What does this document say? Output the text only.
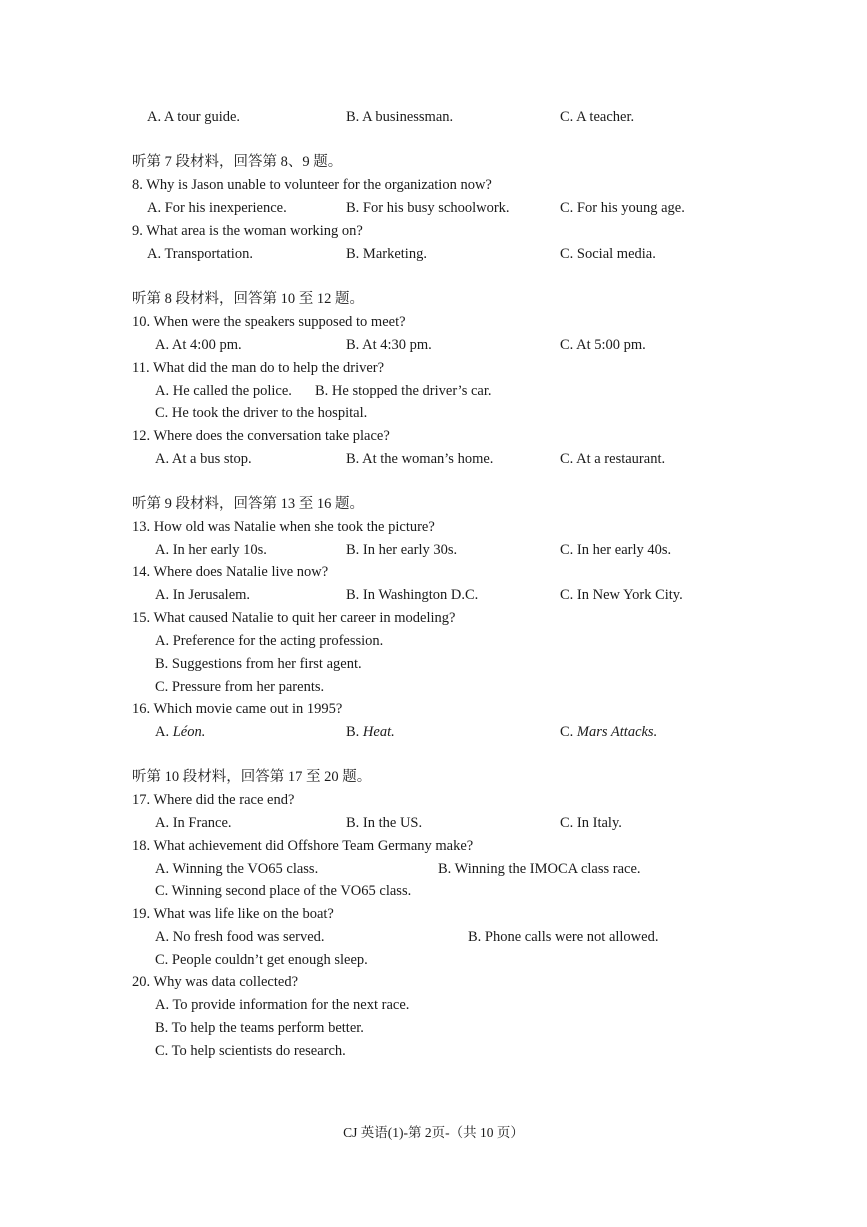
A. A tour guide.	B. A businessman.	C. A teacher.
听第 7 段材料，回答第 8、9 题。
8. Why is Jason unable to volunteer for the organization now?
A. For his inexperience.	B. For his busy schoolwork.	C. For his young age.
9. What area is the woman working on?
A. Transportation.	B. Marketing.	C. Social media.
听第 8 段材料，回答第 10 至 12 题。
10. When were the speakers supposed to meet?
A. At 4:00 pm.	B. At 4:30 pm.	C. At 5:00 pm.
11. What did the man do to help the driver?
A. He called the police. B. He stopped the driver’s car.
C. He took the driver to the hospital.
12. Where does the conversation take place?
A. At a bus stop.	B. At the woman’s home.	C. At a restaurant.
听第 9 段材料，回答第 13 至 16 题。
13. How old was Natalie when she took the picture?
A. In her early 10s.	B. In her early 30s.	C. In her early 40s.
14. Where does Natalie live now?
A. In Jerusalem.	B. In Washington D.C.	C. In New York City.
15. What caused Natalie to quit her career in modeling?
A. Preference for the acting profession.
B. Suggestions from her first agent.
C. Pressure from her parents.
16. Which movie came out in 1995?
A. Léon.	B. Heat.	C. Mars Attacks.
听第 10 段材料，回答第 17 至 20 题。
17. Where did the race end?
A. In France.	B. In the US.	C. In Italy.
18. What achievement did Offshore Team Germany make?
A. Winning the VO65 class.	B. Winning the IMOCA class race.
C. Winning second place of the VO65 class.
19. What was life like on the boat?
A. No fresh food was served.	B. Phone calls were not allowed.
C. People couldn’t get enough sleep.
20. Why was data collected?
A. To provide information for the next race.
B. To help the teams perform better.
C. To help scientists do research.
CJ 英语(1)-第 2页-（共 10 页）
